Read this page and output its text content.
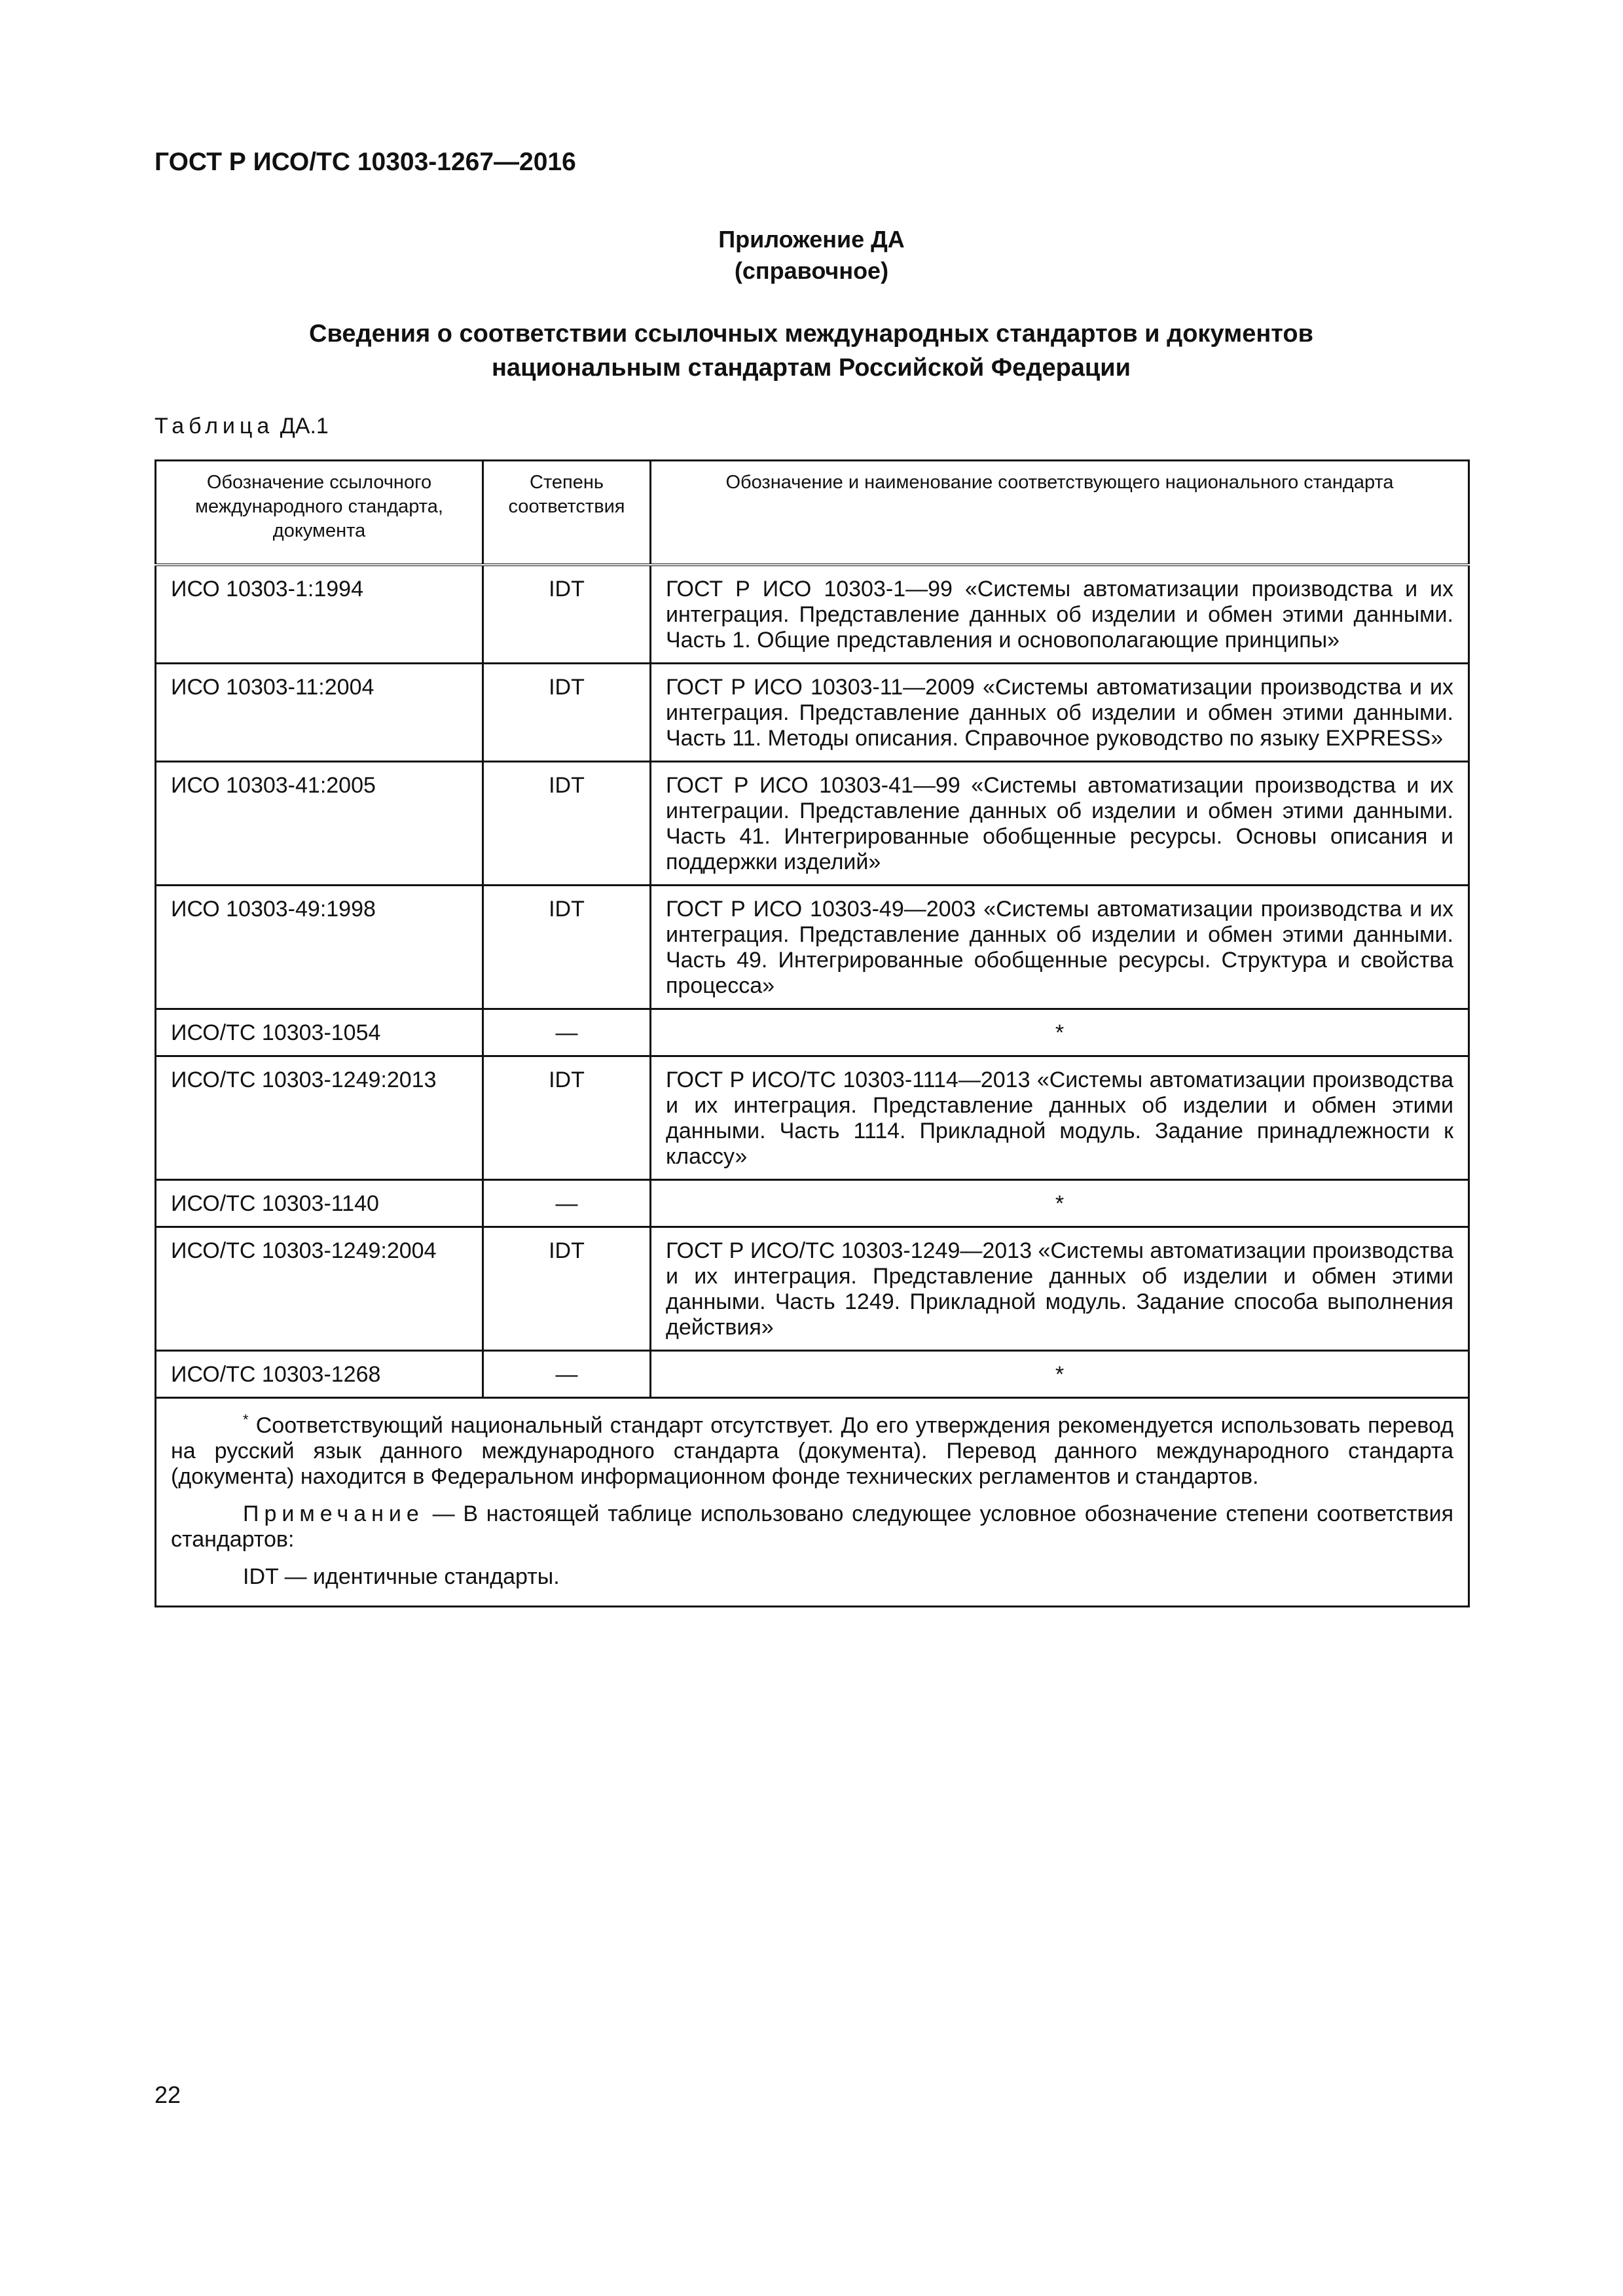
ГОСТ Р ИСО/ТС 10303-1267—2016
Приложение ДА
(справочное)
Сведения о соответствии ссылочных международных стандартов и документов
национальным стандартам Российской Федерации
Таблица ДА.1
Обозначение ссылочного международного стандарта, документа	Степень соответствия	Обозначение и наименование соответствующего национального стандарта
ИСО 10303-1:1994	IDT	ГОСТ Р ИСО 10303-1—99 «Системы автоматизации производства и их интеграция. Представление данных об изделии и обмен этими данными. Часть 1. Общие представления и основополагающие принципы»
ИСО 10303-11:2004	IDT	ГОСТ Р ИСО 10303-11—2009 «Системы автоматизации производства и их интеграция. Представление данных об изделии и обмен этими данными. Часть 11. Методы описания. Справочное руководство по языку EXPRESS»
ИСО 10303-41:2005	IDT	ГОСТ Р ИСО 10303-41—99 «Системы автоматизации производства и их интеграции. Представление данных об изделии и обмен этими данными. Часть 41. Интегрированные обобщенные ресурсы. Основы описания и поддержки изделий»
ИСО 10303-49:1998	IDT	ГОСТ Р ИСО 10303-49—2003 «Системы автоматизации производства и их интеграция. Представление данных об изделии и обмен этими данными. Часть 49. Интегрированные обобщенные ресурсы. Структура и свойства процесса»
ИСО/ТС 10303-1054	—	*
ИСО/ТС 10303-1249:2013	IDT	ГОСТ Р ИСО/ТС 10303-1114—2013 «Системы автоматизации производства и их интеграция. Представление данных об изделии и обмен этими данными. Часть 1114. Прикладной модуль. Задание принадлежности к классу»
ИСО/ТС 10303-1140	—	*
ИСО/ТС 10303-1249:2004	IDT	ГОСТ Р ИСО/ТС 10303-1249—2013 «Системы автоматизации производства и их интеграция. Представление данных об изделии и обмен этими данными. Часть 1249. Прикладной модуль. Задание способа выполнения действия»
ИСО/ТС 10303-1268	—	*

* Соответствующий национальный стандарт отсутствует. До его утверждения рекомендуется использовать перевод на русский язык данного международного стандарта (документа). Перевод данного международного стандарта (документа) находится в Федеральном информационном фонде технических регламентов и стандартов.

Примечание — В настоящей таблице использовано следующее условное обозначение степени соответствия стандартов:

IDT — идентичные стандарты.		

22
